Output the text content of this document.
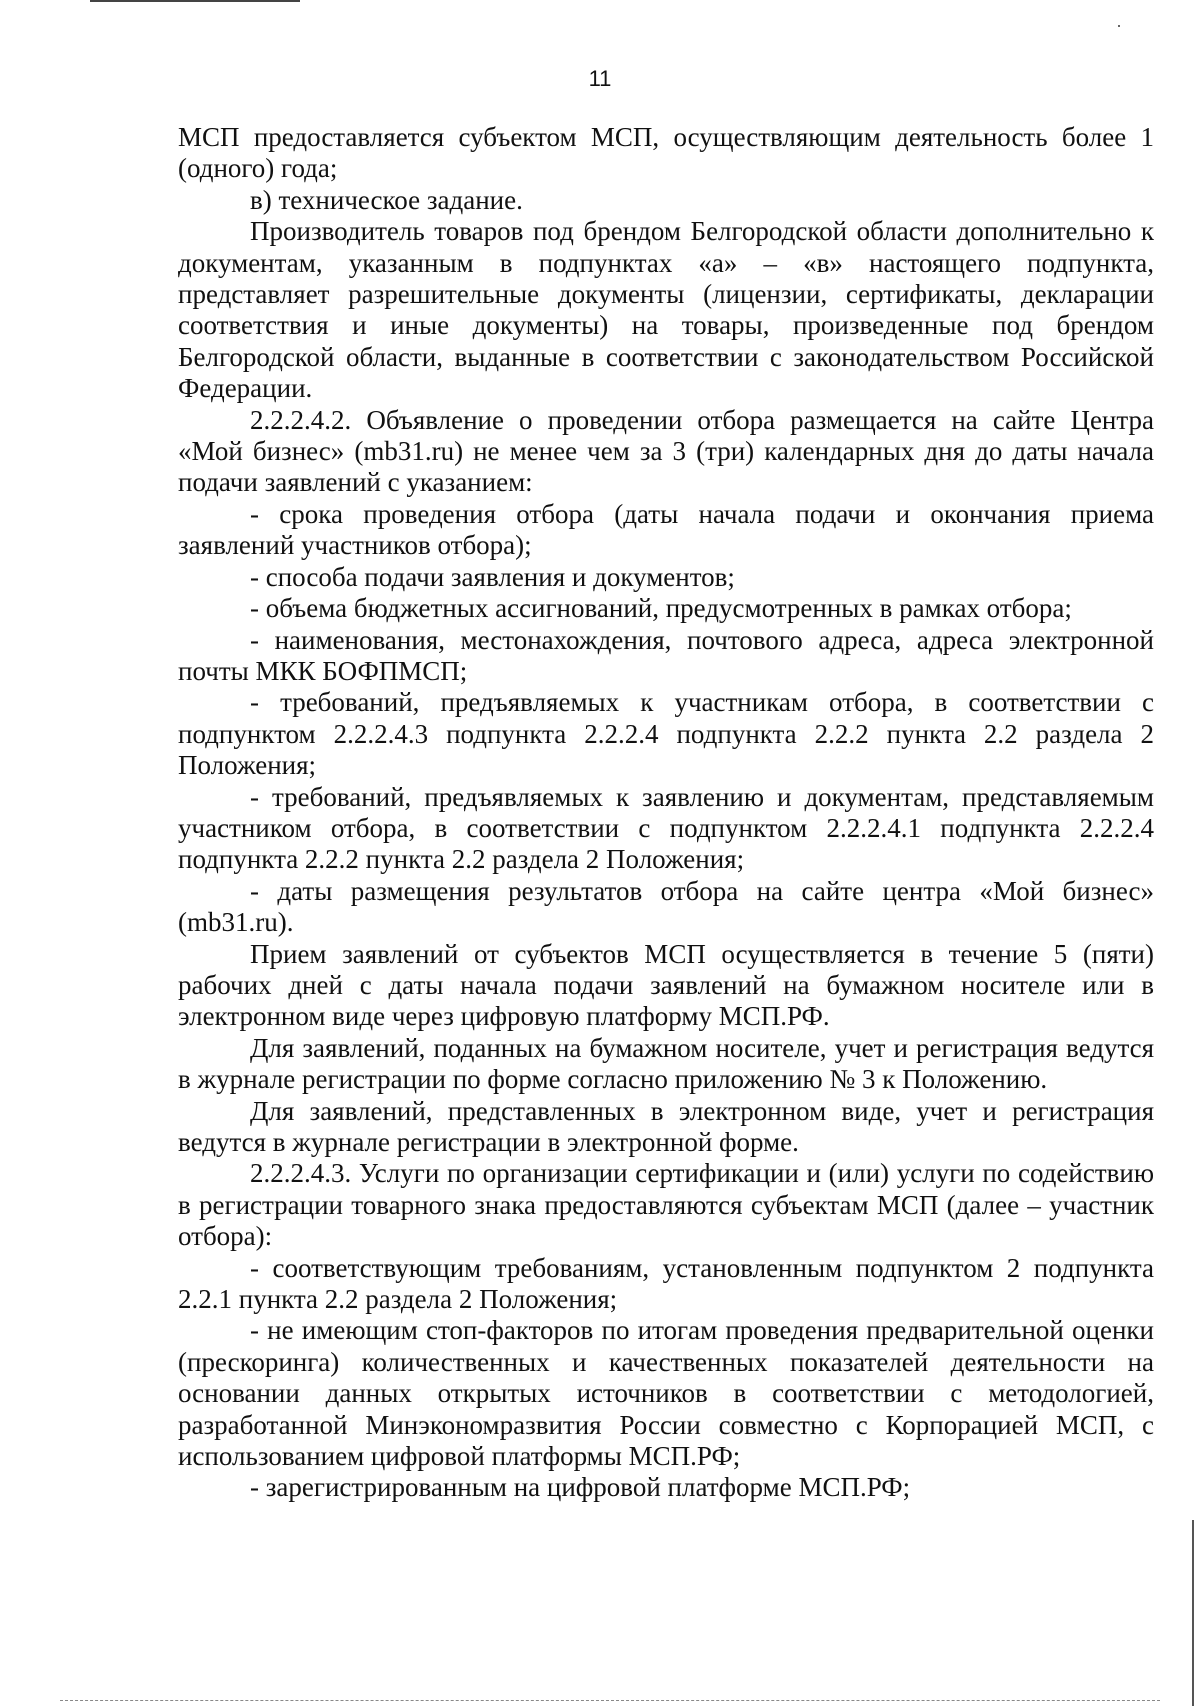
11

МСП предоставляется субъектом МСП, осуществляющим деятельность более 1 (одного) года;

в) техническое задание.

Производитель товаров под брендом Белгородской области дополнительно к документам, указанным в подпунктах «а» – «в» настоящего подпункта, представляет разрешительные документы (лицензии, сертификаты, декларации соответствия и иные документы) на товары, произведенные под брендом Белгородской области, выданные в соответствии с законодательством Российской Федерации.

2.2.2.4.2. Объявление о проведении отбора размещается на сайте Центра «Мой бизнес» (mb31.ru) не менее чем за 3 (три) календарных дня до даты начала подачи заявлений с указанием:

- срока проведения отбора (даты начала подачи и окончания приема заявлений участников отбора);

- способа подачи заявления и документов;

- объема бюджетных ассигнований, предусмотренных в рамках отбора;

- наименования, местонахождения, почтового адреса, адреса электронной почты МКК БОФПМСП;

- требований, предъявляемых к участникам отбора, в соответствии с подпунктом 2.2.2.4.3 подпункта 2.2.2.4 подпункта 2.2.2 пункта 2.2 раздела 2 Положения;

- требований, предъявляемых к заявлению и документам, представляемым участником отбора, в соответствии с подпунктом 2.2.2.4.1 подпункта 2.2.2.4 подпункта 2.2.2 пункта 2.2 раздела 2 Положения;

- даты размещения результатов отбора на сайте центра «Мой бизнес» (mb31.ru).

Прием заявлений от субъектов МСП осуществляется в течение 5 (пяти) рабочих дней с даты начала подачи заявлений на бумажном носителе или в электронном виде через цифровую платформу МСП.РФ.

Для заявлений, поданных на бумажном носителе, учет и регистрация ведутся в журнале регистрации по форме согласно приложению № 3 к Положению.

Для заявлений, представленных в электронном виде, учет и регистрация ведутся в журнале регистрации в электронной форме.

2.2.2.4.3. Услуги по организации сертификации и (или) услуги по содействию в регистрации товарного знака предоставляются субъектам МСП (далее – участник отбора):

- соответствующим требованиям, установленным подпунктом 2 подпункта 2.2.1 пункта 2.2 раздела 2 Положения;

- не имеющим стоп-факторов по итогам проведения предварительной оценки (прескоринга) количественных и качественных показателей деятельности на основании данных открытых источников в соответствии с методологией, разработанной Минэкономразвития России совместно с Корпорацией МСП, с использованием цифровой платформы МСП.РФ;

- зарегистрированным на цифровой платформе МСП.РФ;
